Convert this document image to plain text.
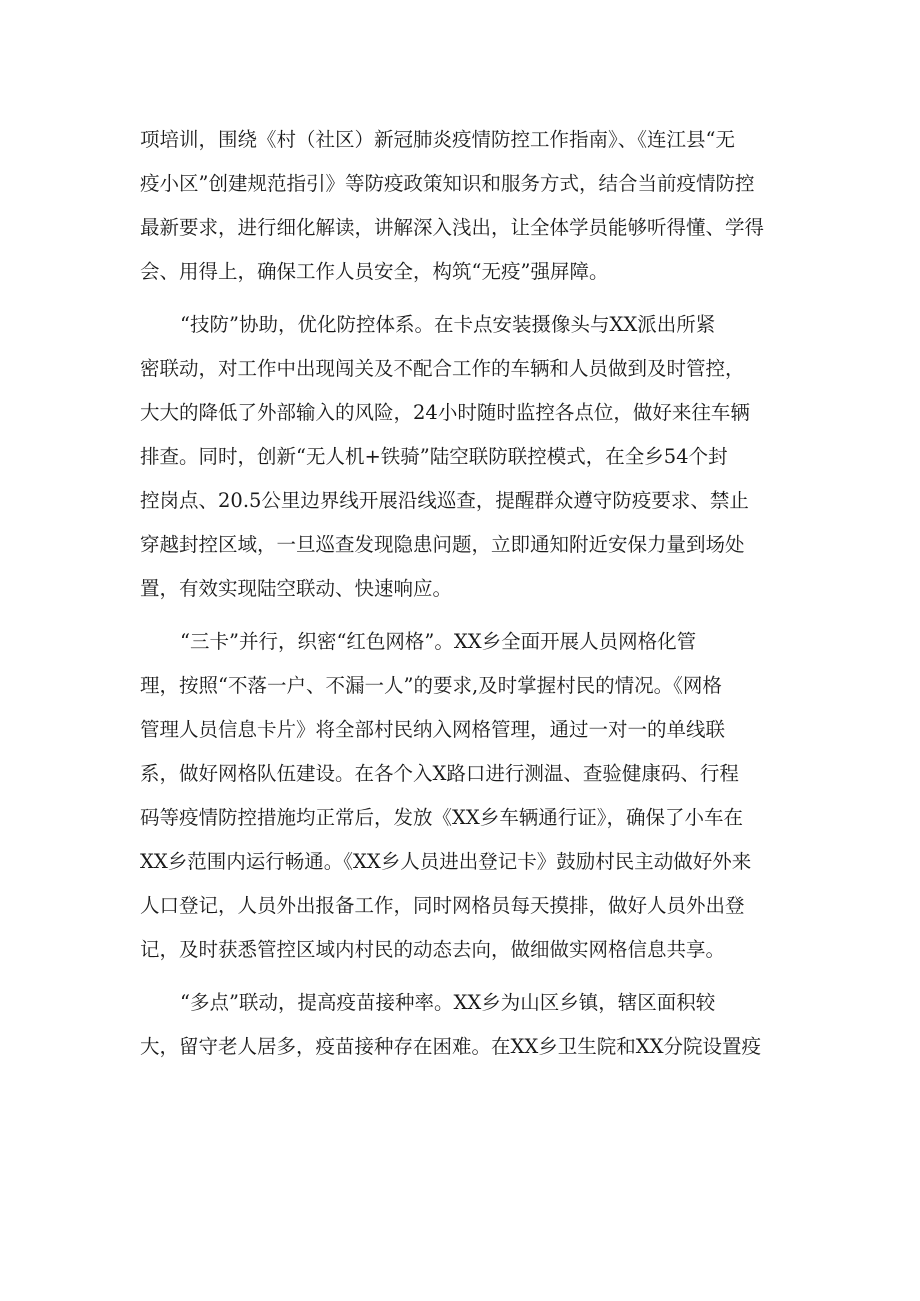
项培训，围绕《村（社区）新冠肺炎疫情防控工作指南》、《连江县“无
疫小区”创建规范指引》等防疫政策知识和服务方式，结合当前疫情防控
最新要求，进行细化解读，讲解深入浅出，让全体学员能够听得懂、学得
会、用得上，确保工作人员安全，构筑“无疫”强屏障。
“技防”协助，优化防控体系。在卡点安装摄像头与XX派出所紧
密联动，对工作中出现闯关及不配合工作的车辆和人员做到及时管控，
大大的降低了外部输入的风险，24小时随时监控各点位，做好来往车辆
排查。同时，创新“无人机+铁骑”陆空联防联控模式，在全乡54个封
控岗点、20.5公里边界线开展沿线巡查，提醒群众遵守防疫要求、禁止
穿越封控区域，一旦巡查发现隐患问题，立即通知附近安保力量到场处
置，有效实现陆空联动、快速响应。
“三卡”并行，织密“红色网格”。XX乡全面开展人员网格化管
理，按照“不落一户、不漏一人”的要求,及时掌握村民的情况。《网格
管理人员信息卡片》将全部村民纳入网格管理，通过一对一的单线联
系，做好网格队伍建设。在各个入X路口进行测温、查验健康码、行程
码等疫情防控措施均正常后，发放《XX乡车辆通行证》，确保了小车在
XX乡范围内运行畅通。《XX乡人员进出登记卡》鼓励村民主动做好外来
人口登记，人员外出报备工作，同时网格员每天摸排，做好人员外出登
记，及时获悉管控区域内村民的动态去向，做细做实网格信息共享。
“多点”联动，提高疫苗接种率。XX乡为山区乡镇，辖区面积较
大，留守老人居多，疫苗接种存在困难。在XX乡卫生院和XX分院设置疫
